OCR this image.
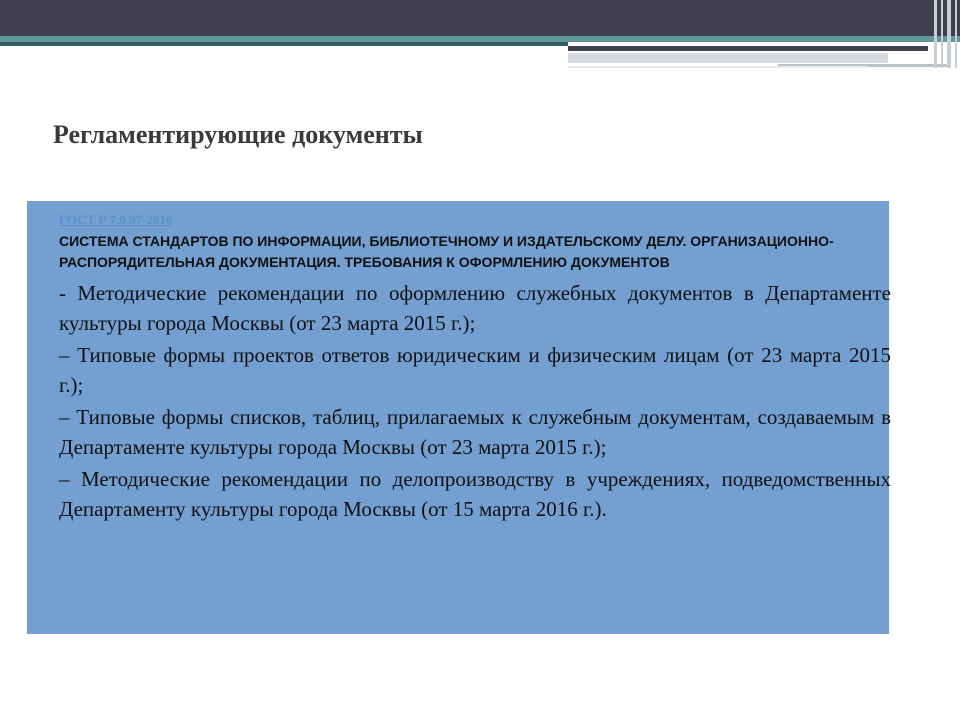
Регламентирующие документы
ГОСТ Р 7.0.97-2016

СИСТЕМА СТАНДАРТОВ ПО ИНФОРМАЦИИ, БИБЛИОТЕЧНОМУ И ИЗДАТЕЛЬСКОМУ ДЕЛУ. ОРГАНИЗАЦИОННО-РАСПОРЯДИТЕЛЬНАЯ ДОКУМЕНТАЦИЯ. ТРЕБОВАНИЯ К ОФОРМЛЕНИЮ ДОКУМЕНТОВ

- Методические рекомендации по оформлению служебных документов в Департаменте культуры города Москвы (от 23 марта 2015 г.);
– Типовые формы проектов ответов юридическим и физическим лицам (от 23 марта 2015 г.);
– Типовые формы списков, таблиц, прилагаемых к служебным документам, создаваемым в Департаменте культуры города Москвы (от 23 марта 2015 г.);
– Методические рекомендации по делопроизводству в учреждениях, подведомственных Департаменту культуры города Москвы (от 15 марта 2016 г.).
